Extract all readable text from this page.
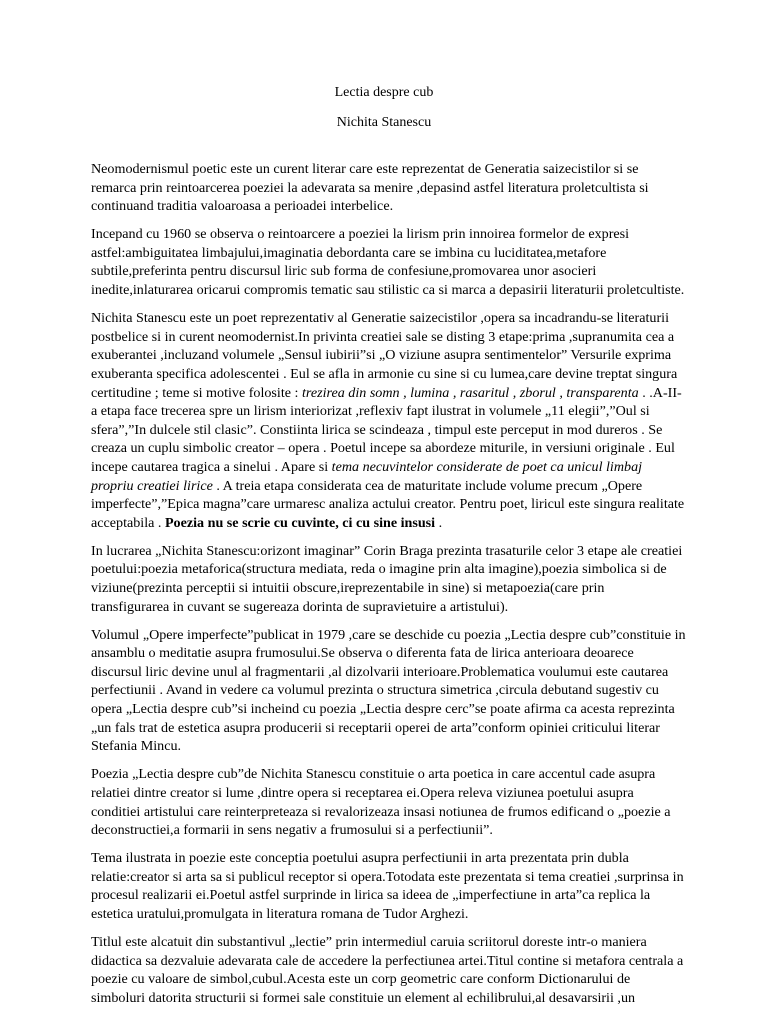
Lectia despre cub
Nichita Stanescu

Neomodernismul poetic este un curent literar care este reprezentat de Generatia saizecistilor si se remarca prin reintoarcerea poeziei la adevarata sa menire ,depasind astfel literatura proletcultista si continuand traditia valoaroasa a perioadei interbelice.

Incepand cu 1960 se observa o reintoarcere a poeziei la lirism prin innoirea formelor de expresi astfel:ambiguitatea limbajului,imaginatia debordanta care se imbina cu luciditatea,metafore subtile,preferinta pentru discursul liric sub forma de confesiune,promovarea unor asocieri inedite,inlaturarea oricarui compromis tematic sau stilistic ca si marca a depasirii literaturii proletcultiste.

Nichita Stanescu este un poet reprezentativ al Generatie saizecistilor ,opera sa incadrandu-se literaturii postbelice si in curent neomodernist.In privinta creatiei sale se disting 3 etape:prima ,supranumita cea a exuberantei ,incluzand volumele „Sensul iubirii”si „O viziune asupra sentimentelor” Versurile exprima exuberanta specifica adolescentei . Eul se afla in armonie cu sine si cu lumea,care devine treptat singura certitudine ; teme si motive folosite : trezirea din somn , lumina , rasaritul , zborul , transparenta . .A-II-a etapa face trecerea spre un lirism interiorizat ,reflexiv fapt ilustrat in volumele „11 elegii”,”Oul si sfera”,”In dulcele stil clasic”. Constiinta lirica se scindeaza , timpul este perceput in mod dureros . Se creaza un cuplu simbolic creator – opera . Poetul incepe sa abordeze miturile, in versiuni originale . Eul incepe cautarea tragica a sinelui . Apare si tema necuvintelor considerate de poet ca unicul limbaj propriu creatiei lirice . A treia etapa considerata cea de maturitate include volume precum „Opere imperfecte”,”Epica magna”care urmaresc analiza actului creator. Pentru poet, liricul este singura realitate acceptabila . Poezia nu se scrie cu cuvinte, ci cu sine insusi .

In lucrarea „Nichita Stanescu:orizont imaginar” Corin Braga prezinta trasaturile celor 3 etape ale creatiei poetului:poezia metaforica(structura mediata, reda o imagine prin alta imagine),poezia simbolica si de viziune(prezinta perceptii si intuitii obscure,ireprezentabile in sine) si metapoezia(care prin transfigurarea in cuvant se sugereaza dorinta de supravietuire a artistului).

Volumul „Opere imperfecte”publicat in 1979 ,care se deschide cu poezia „Lectia despre cub”constituie in ansamblu o meditatie asupra frumosului.Se observa o diferenta fata de lirica anterioara deoarece discursul liric devine unul al fragmentarii ,al dizolvarii interioare.Problematica voulumui este cautarea perfectiunii . Avand in vedere ca volumul prezinta o structura simetrica ,circula debutand sugestiv cu opera „Lectia despre cub”si incheind cu poezia „Lectia despre cerc”se poate afirma ca acesta reprezinta „un fals trat de estetica asupra producerii si receptarii operei de arta”conform opiniei criticului literar Stefania Mincu.

Poezia „Lectia despre cub”de Nichita Stanescu constituie o arta poetica in care accentul cade asupra relatiei dintre creator si lume ,dintre opera si receptarea ei.Opera releva viziunea poetului asupra conditiei artistului care reinterpreteaza si revalorizeaza insasi notiunea de frumos edificand o „poezie a deconstructiei,a formarii in sens negativ a frumosului si a perfectiunii”.

Tema ilustrata in poezie este conceptia poetului asupra perfectiunii in arta prezentata prin dubla relatie:creator si arta sa si publicul receptor si opera.Totodata este prezentata si tema creatiei ,surprinsa in procesul realizarii ei.Poetul astfel surprinde in lirica sa ideea de „imperfectiune in arta”ca replica la estetica uratului,promulgata in literatura romana de Tudor Arghezi.

Titlul este alcatuit din substantivul „lectie” prin intermediul caruia scriitorul doreste intr-o maniera didactica sa dezvaluie adevarata cale de accedere la perfectiunea artei.Titul contine si metafora centrala a poezie cu valoare de simbol,cubul.Acesta este un corp geometric care conform Dictionarului de simboluri datorita structurii si formei sale constituie un element al echilibrului,al desavarsirii ,un
